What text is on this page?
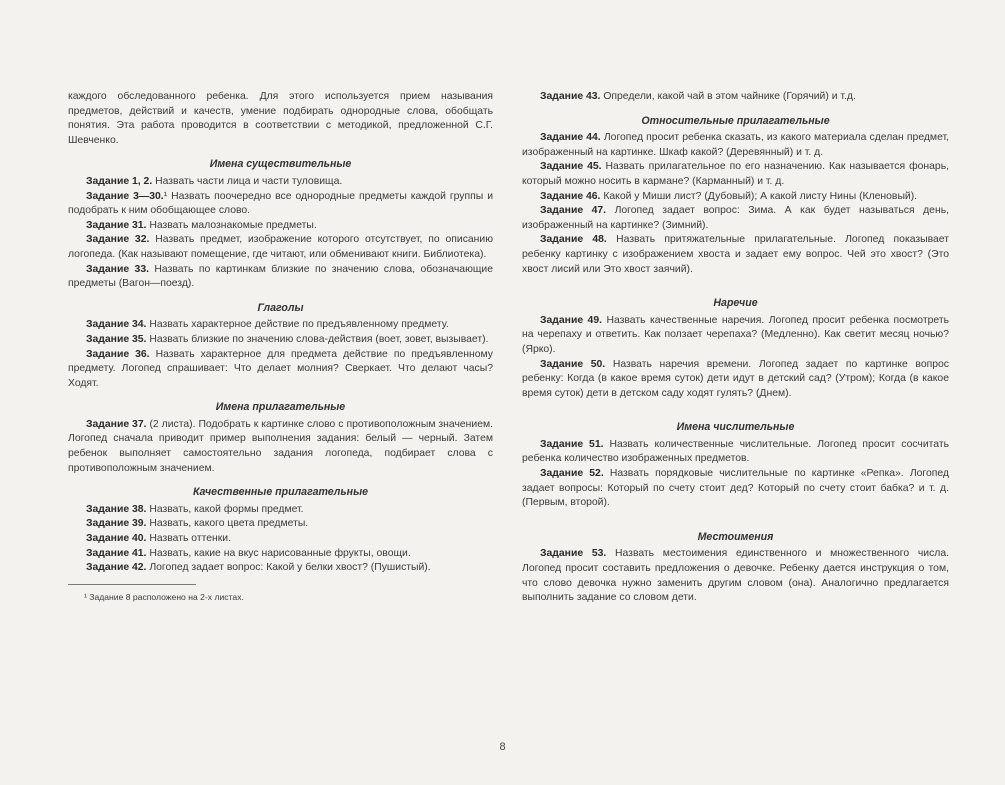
каждого обследованного ребенка. Для этого используется прием называния предметов, действий и качеств, умение подбирать однородные слова, обобщать понятия. Эта работа проводится в соответствии с методикой, предложенной С.Г. Шевченко.

Имена существительные

Задание 1, 2. Назвать части лица и части туловища.

Задание 3—30.¹ Назвать поочередно все однородные предметы каждой группы и подобрать к ним обобщающее слово.

Задание 31. Назвать малознакомые предметы.

Задание 32. Назвать предмет, изображение которого отсутствует, по описанию логопеда. (Как называют помещение, где читают, или обменивают книги. Библиотека).

Задание 33. Назвать по картинкам близкие по значению слова, обозначающие предметы (Вагон—поезд).

Глаголы

Задание 34. Назвать характерное действие по предъявленному предмету.

Задание 35. Назвать близкие по значению слова-действия (воет, зовет, вызывает).

Задание 36. Назвать характерное для предмета действие по предъявленному предмету. Логопед спрашивает: Что делает молния? Сверкает. Что делают часы? Ходят.

Имена прилагательные

Задание 37. (2 листа). Подобрать к картинке слово с противоположным значением. Логопед сначала приводит пример выполнения задания: белый — черный. Затем ребенок выполняет самостоятельно задания логопеда, подбирает слова с противоположным значением.

Качественные прилагательные

Задание 38. Назвать, какой формы предмет.

Задание 39. Назвать, какого цвета предметы.

Задание 40. Назвать оттенки.

Задание 41. Назвать, какие на вкус нарисованные фрукты, овощи.

Задание 42. Логопед задает вопрос: Какой у белки хвост? (Пушистый).

¹ Задание 8 расположено на 2-х листах.

Задание 43. Определи, какой чай в этом чайнике (Горячий) и т.д.

Относительные прилагательные

Задание 44. Логопед просит ребенка сказать, из какого материала сделан предмет, изображенный на картинке. Шкаф какой? (Деревянный) и т. д.

Задание 45. Назвать прилагательное по его назначению. Как называется фонарь, который можно носить в кармане? (Карманный) и т. д.

Задание 46. Какой у Миши лист? (Дубовый); А какой листу Нины (Кленовый).

Задание 47. Логопед задает вопрос: Зима. А как будет называться день, изображенный на картинке? (Зимний).

Задание 48. Назвать притяжательные прилагательные. Логопед показывает ребенку картинку с изображением хвоста и задает ему вопрос. Чей это хвост? (Это хвост лисий или Это хвост заячий).

Наречие

Задание 49. Назвать качественные наречия. Логопед просит ребенка посмотреть на черепаху и ответить. Как ползает черепаха? (Медленно). Как светит месяц ночью? (Ярко).

Задание 50. Назвать наречия времени. Логопед задает по картинке вопрос ребенку: Когда (в какое время суток) дети идут в детский сад? (Утром); Когда (в какое время суток) дети в детском саду ходят гулять? (Днем).

Имена числительные

Задание 51. Назвать количественные числительные. Логопед просит сосчитать ребенка количество изображенных предметов.

Задание 52. Назвать порядковые числительные по картинке «Репка». Логопед задает вопросы: Который по счету стоит дед? Который по счету стоит бабка? и т. д. (Первым, второй).

Местоимения

Задание 53. Назвать местоимения единственного и множественного числа. Логопед просит составить предложения о девочке. Ребенку дается инструкция о том, что слово девочка нужно заменить другим словом (она). Аналогично предлагается выполнить задание со словом дети.

8
